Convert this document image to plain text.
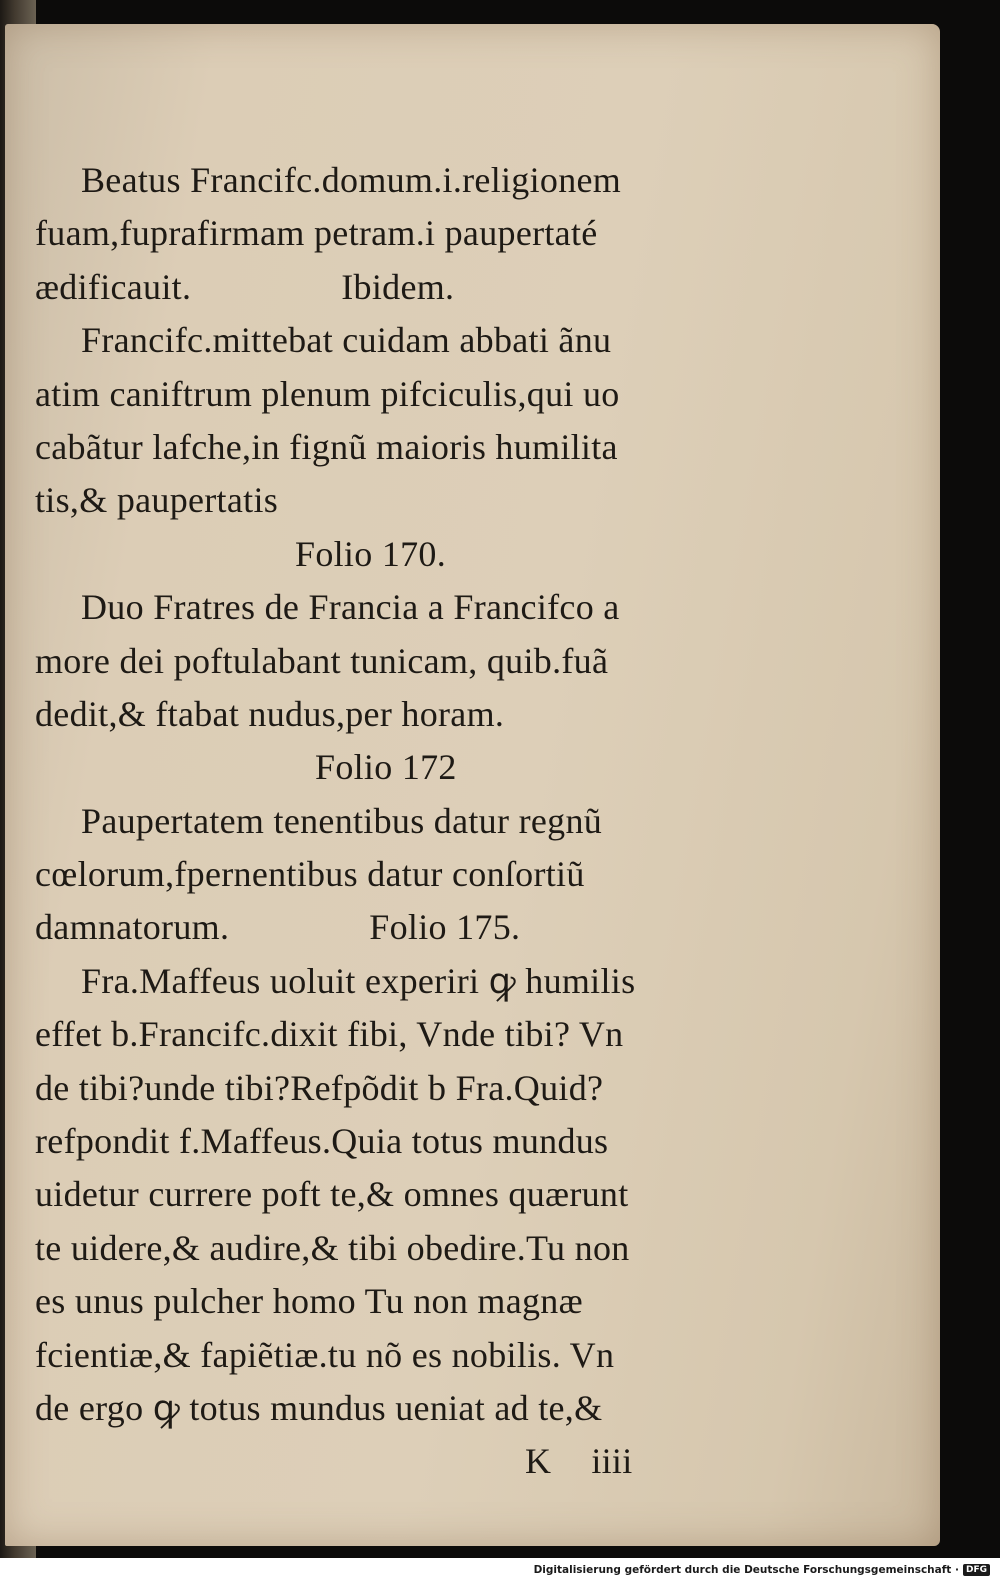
Beatus Francifc.domum.i.religionem
fuam,fuprafirmam petram.i paupertaté
ædificauit.	Ibidem.
Francifc.mittebat cuidam abbati ãnu
atim caniftrum plenum pifciculis,qui uo
cabãtur lafche,in fignũ maioris humilita
tis,& paupertatis
Folio 170.
Duo Fratres de Francia a Francifco a
more dei poftulabant tunicam, quib.fuã
dedit,& ftabat nudus,per horam.
Folio 172
Paupertatem tenentibus datur regnũ
cœlorum,fpernentibus datur conſortiũ
damnatorum.	Folio 175.
Fra.Maffeus uoluit experiri ꝙ humilis
effet b.Francifc.dixit fibi, Vnde tibi? Vn
de tibi?unde tibi?Refpõdit b Fra.Quid?
refpondit f.Maffeus.Quia totus mundus
uidetur currere poft te,& omnes quærunt
te uidere,& audire,& tibi obedire.Tu non
es unus pulcher homo Tu non magnæ
fcientiæ,& fapiẽtiæ.tu nõ es nobilis. Vn
de ergo ꝙ totus mundus ueniat ad te,&
K iiii
Digitalisierung gefördert durch die Deutsche Forschungsgemeinschaft · DFG
